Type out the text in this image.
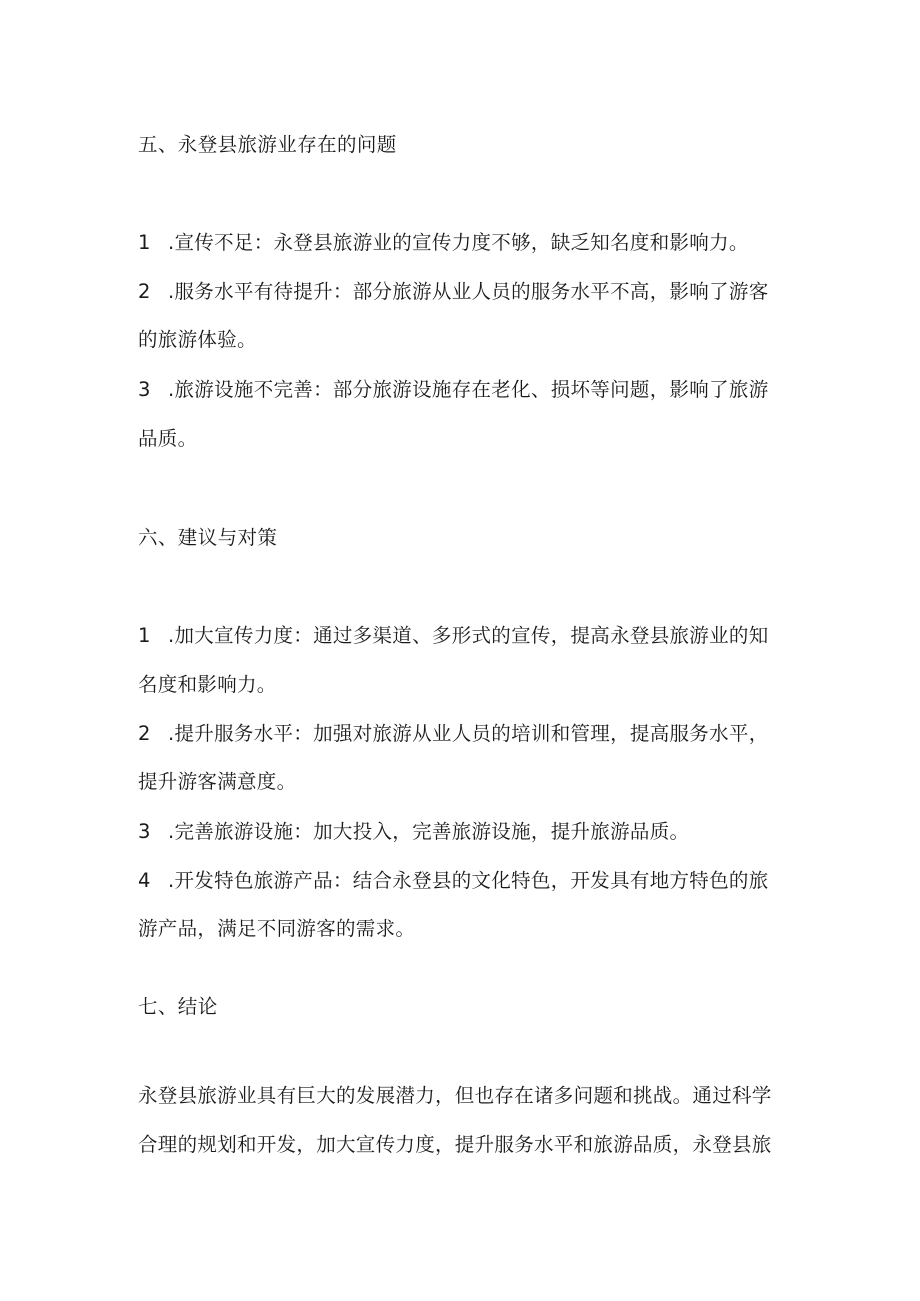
五、永登县旅游业存在的问题
1 .宣传不足：永登县旅游业的宣传力度不够，缺乏知名度和影响力。
2 .服务水平有待提升：部分旅游从业人员的服务水平不高，影响了游客
的旅游体验。
3 .旅游设施不完善：部分旅游设施存在老化、损坏等问题，影响了旅游
品质。
六、建议与对策
1 .加大宣传力度：通过多渠道、多形式的宣传，提高永登县旅游业的知
名度和影响力。
2 .提升服务水平：加强对旅游从业人员的培训和管理，提高服务水平，
提升游客满意度。
3 .完善旅游设施：加大投入，完善旅游设施，提升旅游品质。
4 .开发特色旅游产品：结合永登县的文化特色，开发具有地方特色的旅
游产品，满足不同游客的需求。
七、结论
永登县旅游业具有巨大的发展潜力，但也存在诸多问题和挑战。通过科学
合理的规划和开发，加大宣传力度，提升服务水平和旅游品质，永登县旅
